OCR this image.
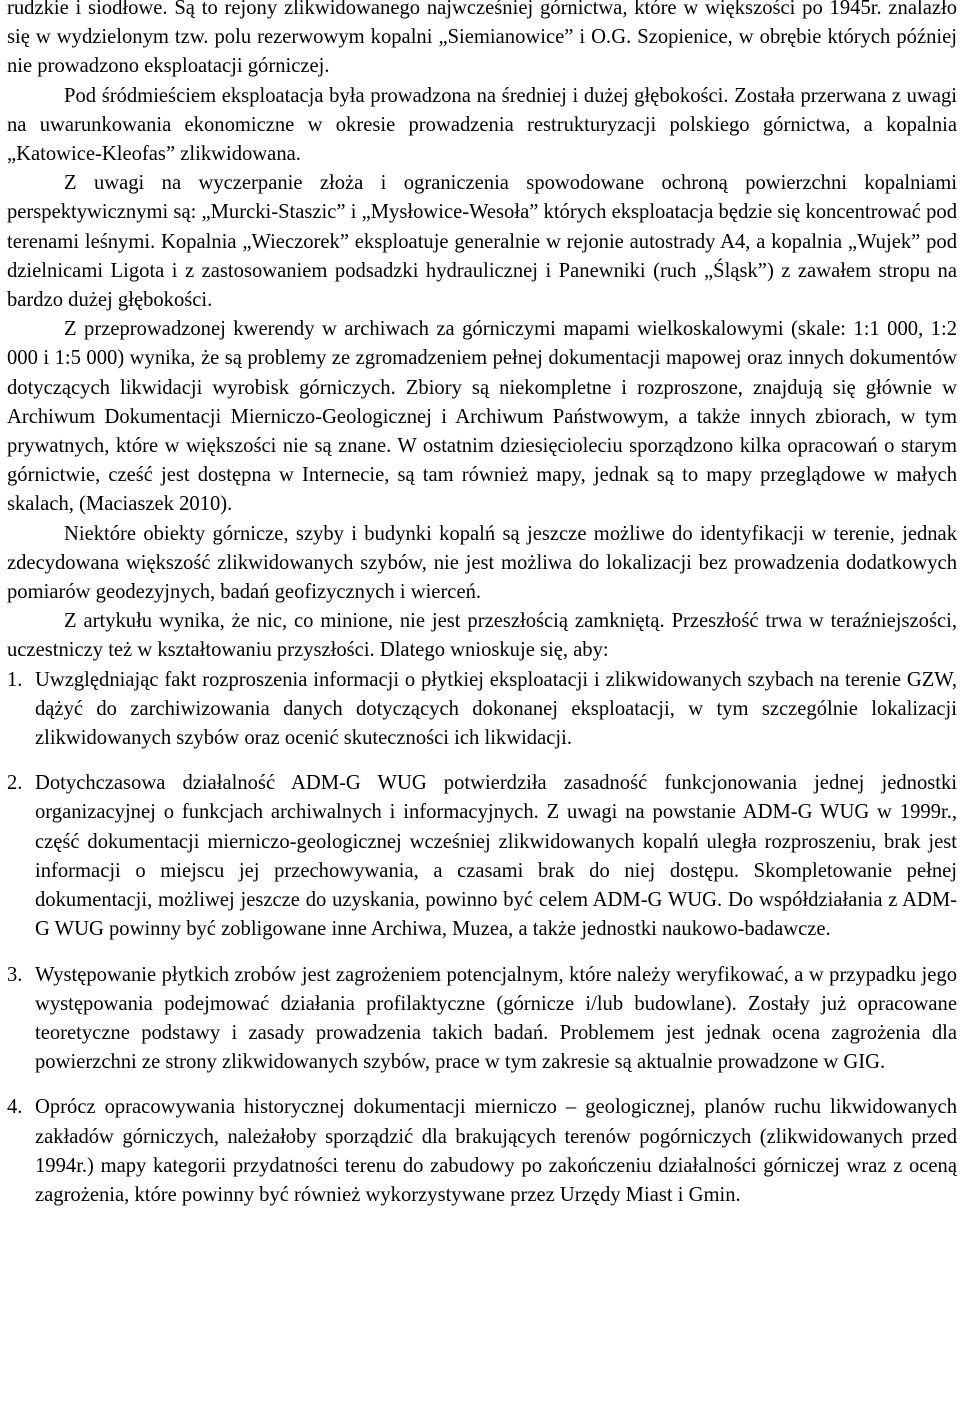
rudzkie i siodłowe. Są to rejony zlikwidowanego najwcześniej górnictwa, które w większości po 1945r. znalazło się w wydzielonym tzw. polu rezerwowym kopalni „Siemianowice” i O.G. Szopienice, w obrębie których później nie prowadzono eksploatacji górniczej.

Pod śródmieściem eksploatacja była prowadzona na średniej i dużej głębokości. Została przerwana z uwagi na uwarunkowania ekonomiczne w okresie prowadzenia restrukturyzacji polskiego górnictwa, a kopalnia „Katowice-Kleofas” zlikwidowana.

Z uwagi na wyczerpanie złoża i ograniczenia spowodowane ochroną powierzchni kopalniami perspektywicznymi są: „Murcki-Staszic” i „Mysłowice-Wesoła” których eksploatacja będzie się koncentrować pod terenami leśnymi. Kopalnia „Wieczorek” eksploatuje generalnie w rejonie autostrady A4, a kopalnia „Wujek” pod dzielnicami Ligota i z zastosowaniem podsadzki hydraulicznej i Panewniki (ruch „Śląsk”) z zawałem stropu na bardzo dużej głębokości.

Z przeprowadzonej kwerendy w archiwach za górniczymi mapami wielkoskalowymi (skale: 1:1 000, 1:2 000 i 1:5 000) wynika, że są problemy ze zgromadzeniem pełnej dokumentacji mapowej oraz innych dokumentów dotyczących likwidacji wyrobisk górniczych. Zbiory są niekompletne i rozproszone, znajdują się głównie w Archiwum Dokumentacji Mierniczo-Geologicznej i Archiwum Państwowym, a także innych zbiorach, w tym prywatnych, które w większości nie są znane. W ostatnim dziesięcioleciu sporządzono kilka opracowań o starym górnictwie, cześć jest dostępna w Internecie, są tam również mapy, jednak są to mapy przeglądowe w małych skalach, (Maciaszek 2010).

Niektóre obiekty górnicze, szyby i budynki kopalń są jeszcze możliwe do identyfikacji w terenie, jednak zdecydowana większość zlikwidowanych szybów, nie jest możliwa do lokalizacji bez prowadzenia dodatkowych pomiarów geodezyjnych, badań geofizycznych i wierceń.

Z artykułu wynika, że nic, co minione, nie jest przeszłością zamkniętą. Przeszłość trwa w teraźniejszości, uczestniczy też w kształtowaniu przyszłości. Dlatego wnioskuje się, aby:

1. Uwzględniając fakt rozproszenia informacji o płytkiej eksploatacji i zlikwidowanych szybach na terenie GZW, dążyć do zarchiwizowania danych dotyczących dokonanej eksploatacji, w tym szczególnie lokalizacji zlikwidowanych szybów oraz ocenić skuteczności ich likwidacji.
2. Dotychczasowa działalność ADM-G WUG potwierdziła zasadność funkcjonowania jednej jednostki organizacyjnej o funkcjach archiwalnych i informacyjnych. Z uwagi na powstanie ADM-G WUG w 1999r., część dokumentacji mierniczo-geologicznej wcześniej zlikwidowanych kopalń uległa rozproszeniu, brak jest informacji o miejscu jej przechowywania, a czasami brak do niej dostępu. Skompletowanie pełnej dokumentacji, możliwej jeszcze do uzyskania, powinno być celem ADM-G WUG. Do współdziałania z ADM-G WUG powinny być zobligowane inne Archiwa, Muzea, a także jednostki naukowo-badawcze.
3. Występowanie płytkich zrobów jest zagrożeniem potencjalnym, które należy weryfikować, a w przypadku jego występowania podejmować działania profilaktyczne (górnicze i/lub budowlane). Zostały już opracowane teoretyczne podstawy i zasady prowadzenia takich badań. Problemem jest jednak ocena zagrożenia dla powierzchni ze strony zlikwidowanych szybów, prace w tym zakresie są aktualnie prowadzone w GIG.
4. Oprócz opracowywania historycznej dokumentacji mierniczo – geologicznej, planów ruchu likwidowanych zakładów górniczych, należałoby sporządzić dla brakujących terenów pogórniczych (zlikwidowanych przed 1994r.) mapy kategorii przydatności terenu do zabudowy po zakończeniu działalności górniczej wraz z oceną zagrożenia, które powinny być również wykorzystywane przez Urzędy Miast i Gmin.
